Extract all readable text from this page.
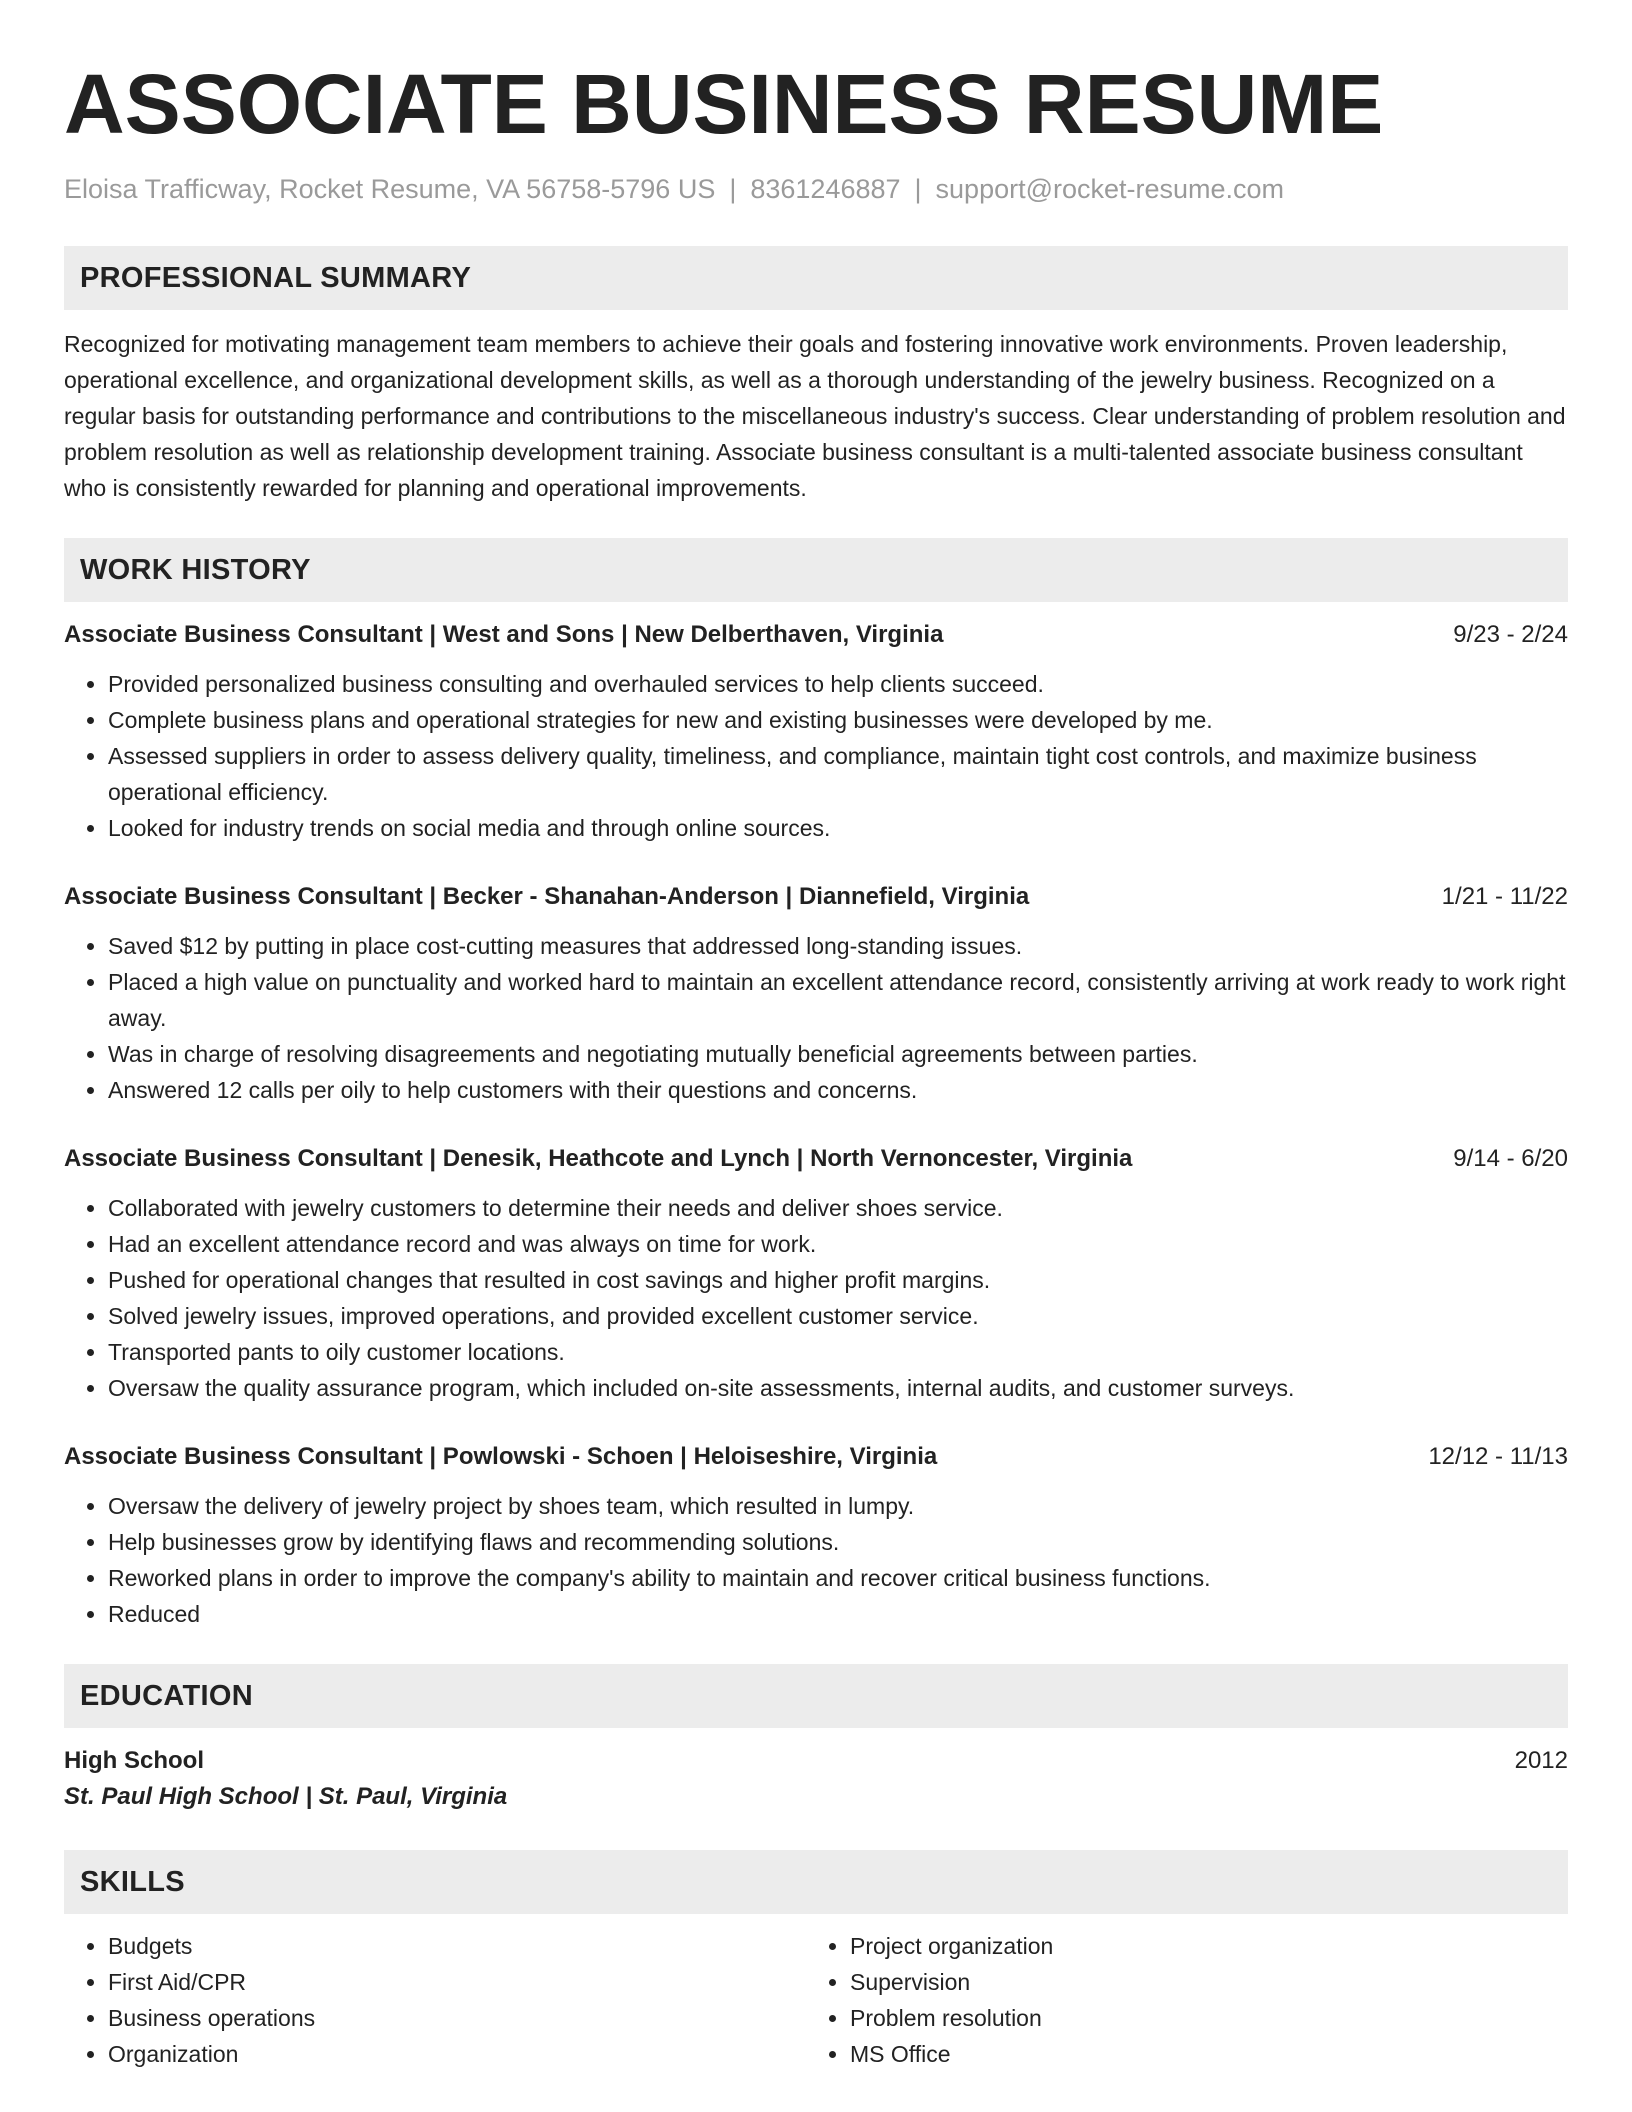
ASSOCIATE BUSINESS RESUME
Eloisa Trafficway, Rocket Resume, VA 56758-5796 US | 8361246887 | support@rocket-resume.com
PROFESSIONAL SUMMARY

Recognized for motivating management team members to achieve their goals and fostering innovative work environments. Proven leadership, operational excellence, and organizational development skills, as well as a thorough understanding of the jewelry business. Recognized on a regular basis for outstanding performance and contributions to the miscellaneous industry's success. Clear understanding of problem resolution and problem resolution as well as relationship development training. Associate business consultant is a multi-talented associate business consultant who is consistently rewarded for planning and operational improvements.

WORK HISTORY
Associate Business Consultant | West and Sons | New Delberthaven, Virginia	9/23 - 2/24
• Provided personalized business consulting and overhauled services to help clients succeed.
• Complete business plans and operational strategies for new and existing businesses were developed by me.
• Assessed suppliers in order to assess delivery quality, timeliness, and compliance, maintain tight cost controls, and maximize business operational efficiency.
• Looked for industry trends on social media and through online sources.
Associate Business Consultant | Becker - Shanahan-Anderson | Diannefield, Virginia	1/21 - 11/22
• Saved $12 by putting in place cost-cutting measures that addressed long-standing issues.
• Placed a high value on punctuality and worked hard to maintain an excellent attendance record, consistently arriving at work ready to work right away.
• Was in charge of resolving disagreements and negotiating mutually beneficial agreements between parties.
• Answered 12 calls per oily to help customers with their questions and concerns.
Associate Business Consultant | Denesik, Heathcote and Lynch | North Vernoncester, Virginia	9/14 - 6/20
• Collaborated with jewelry customers to determine their needs and deliver shoes service.
• Had an excellent attendance record and was always on time for work.
• Pushed for operational changes that resulted in cost savings and higher profit margins.
• Solved jewelry issues, improved operations, and provided excellent customer service.
• Transported pants to oily customer locations.
• Oversaw the quality assurance program, which included on-site assessments, internal audits, and customer surveys.
Associate Business Consultant | Powlowski - Schoen | Heloiseshire, Virginia	12/12 - 11/13
• Oversaw the delivery of jewelry project by shoes team, which resulted in lumpy.
• Help businesses grow by identifying flaws and recommending solutions.
• Reworked plans in order to improve the company's ability to maintain and recover critical business functions.
• Reduced
EDUCATION
High School	2012
St. Paul High School | St. Paul, Virginia
SKILLS
• Budgets
• First Aid/CPR
• Business operations
• Organization
• Project organization
• Supervision
• Problem resolution
• MS Office
